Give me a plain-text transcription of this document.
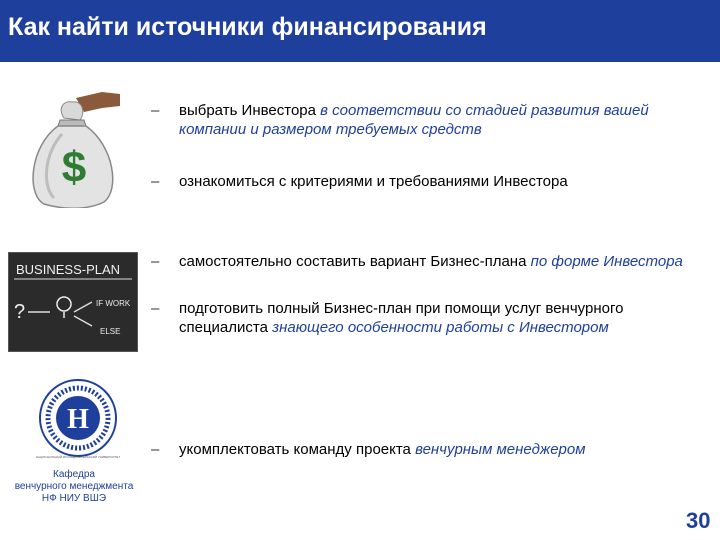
Как найти источники финансирования
$
BUSINESS-PLAN
?	IF WORK
ELSE
Н
НАЦИОНАЛЬНЫЙ ИССЛЕДОВАТЕЛЬСКИЙ УНИВЕРСИТЕТ
Кафедра
венчурного менеджмента
НФ НИУ ВШЭ
– выбрать Инвестора в соответствии со стадией развития вашей компании и размером требуемых средств
– ознакомиться с критериями и требованиями Инвестора
– самостоятельно составить вариант Бизнес-плана по форме Инвестора
– подготовить полный Бизнес-план при помощи услуг венчурного специалиста знающего особенности работы с Инвестором
– укомплектовать команду проекта венчурным менеджером
30
